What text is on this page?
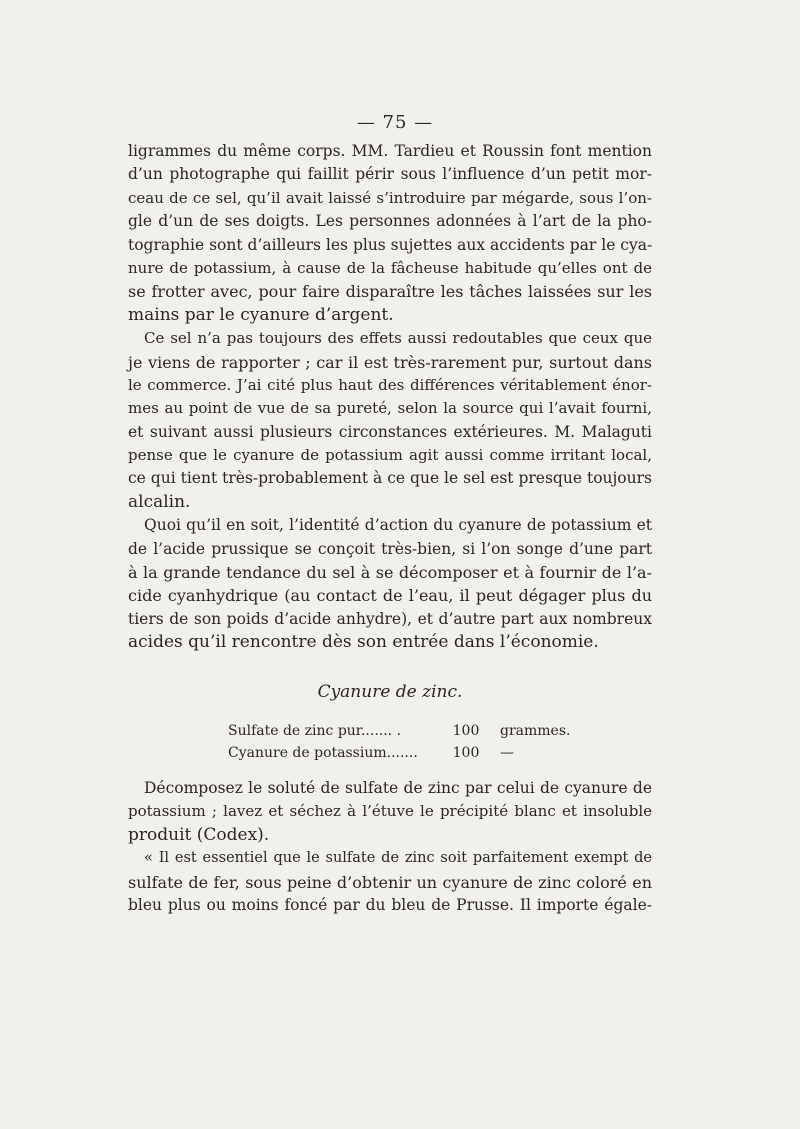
— 75 —
ligrammes du même corps. MM. Tardieu et Roussin font mention
d’un photographe qui faillit périr sous l’influence d’un petit mor-
ceau de ce sel, qu’il avait laissé s’introduire par mégarde, sous l’on-
gle d’un de ses doigts. Les personnes adonnées à l’art de la pho-
tographie sont d’ailleurs les plus sujettes aux accidents par le cya-
nure de potassium, à cause de la fâcheuse habitude qu’elles ont de
se frotter avec, pour faire disparaître les tâches laissées sur les
mains par le cyanure d’argent.
Ce sel n’a pas toujours des effets aussi redoutables que ceux que
je viens de rapporter ; car il est très-rarement pur, surtout dans
le commerce. J’ai cité plus haut des différences véritablement énor-
mes au point de vue de sa pureté, selon la source qui l’avait fourni,
et suivant aussi plusieurs circonstances extérieures. M. Malaguti
pense que le cyanure de potassium agit aussi comme irritant local,
ce qui tient très-probablement à ce que le sel est presque toujours
alcalin.
Quoi qu’il en soit, l’identité d’action du cyanure de potassium et
de l’acide prussique se conçoit très-bien, si l’on songe d’une part
à la grande tendance du sel à se décomposer et à fournir de l’a-
cide cyanhydrique (au contact de l’eau, il peut dégager plus du
tiers de son poids d’acide anhydre), et d’autre part aux nombreux
acides qu’il rencontre dès son entrée dans l’économie.
Cyanure de zinc.
Sulfate de zinc pur....... .	100	grammes.
Cyanure de potassium.......	100	—
Décomposez le soluté de sulfate de zinc par celui de cyanure de
potassium ; lavez et séchez à l’étuve le précipité blanc et insoluble
produit (Codex).
« Il est essentiel que le sulfate de zinc soit parfaitement exempt de
sulfate de fer, sous peine d’obtenir un cyanure de zinc coloré en
bleu plus ou moins foncé par du bleu de Prusse. Il importe égale-
